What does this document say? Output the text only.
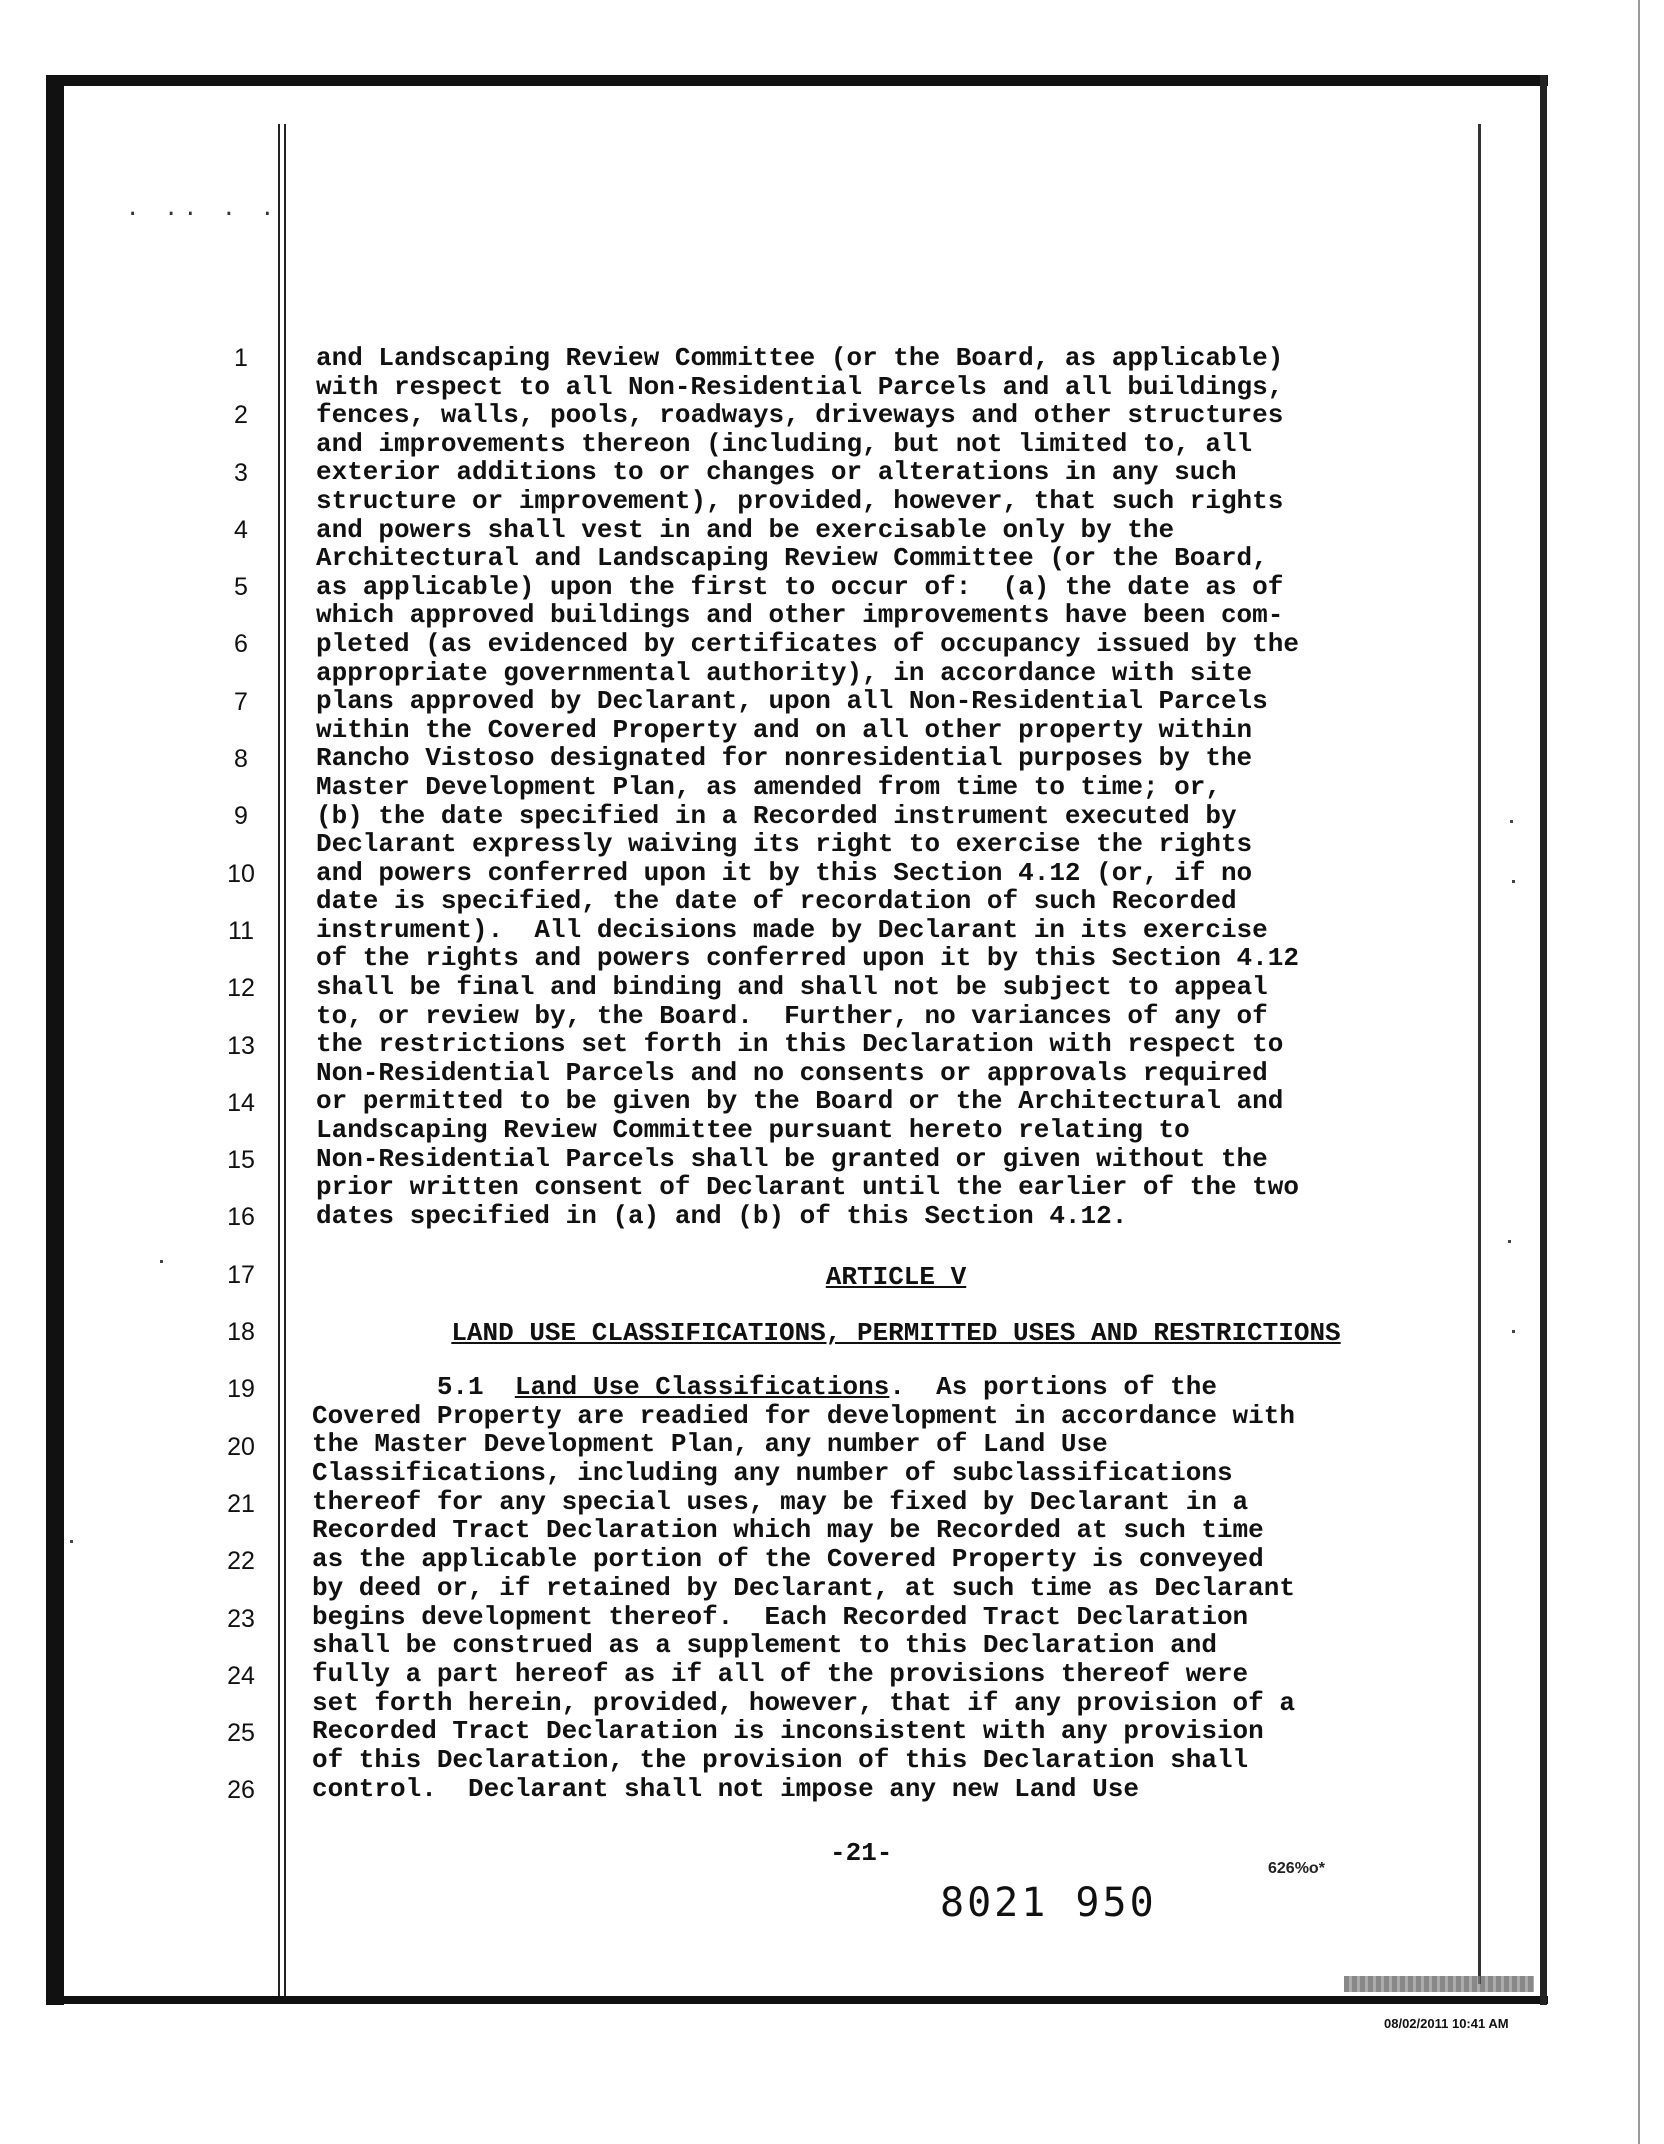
. .. . .
1
2
3
4
5
6
7
8
9
10
11
12
13
14
15
16
17
18
19
20
21
22
23
24
25
26
and Landscaping Review Committee (or the Board, as applicable)
with respect to all Non-Residential Parcels and all buildings,
fences, walls, pools, roadways, driveways and other structures
and improvements thereon (including, but not limited to, all
exterior additions to or changes or alterations in any such
structure or improvement), provided, however, that such rights
and powers shall vest in and be exercisable only by the
Architectural and Landscaping Review Committee (or the Board,
as applicable) upon the first to occur of:  (a) the date as of
which approved buildings and other improvements have been com-
pleted (as evidenced by certificates of occupancy issued by the
appropriate governmental authority), in accordance with site
plans approved by Declarant, upon all Non-Residential Parcels
within the Covered Property and on all other property within
Rancho Vistoso designated for nonresidential purposes by the
Master Development Plan, as amended from time to time; or,
(b) the date specified in a Recorded instrument executed by
Declarant expressly waiving its right to exercise the rights
and powers conferred upon it by this Section 4.12 (or, if no
date is specified, the date of recordation of such Recorded
instrument).  All decisions made by Declarant in its exercise
of the rights and powers conferred upon it by this Section 4.12
shall be final and binding and shall not be subject to appeal
to, or review by, the Board.  Further, no variances of any of
the restrictions set forth in this Declaration with respect to
Non-Residential Parcels and no consents or approvals required
or permitted to be given by the Board or the Architectural and
Landscaping Review Committee pursuant hereto relating to
Non-Residential Parcels shall be granted or given without the
prior written consent of Declarant until the earlier of the two
dates specified in (a) and (b) of this Section 4.12.
ARTICLE V
LAND USE CLASSIFICATIONS, PERMITTED USES AND RESTRICTIONS
5.1 Land Use Classifications.  As portions of the
Covered Property are readied for development in accordance with
the Master Development Plan, any number of Land Use
Classifications, including any number of subclassifications
thereof for any special uses, may be fixed by Declarant in a
Recorded Tract Declaration which may be Recorded at such time
as the applicable portion of the Covered Property is conveyed
by deed or, if retained by Declarant, at such time as Declarant
begins development thereof.  Each Recorded Tract Declaration
shall be construed as a supplement to this Declaration and
fully a part hereof as if all of the provisions thereof were
set forth herein, provided, however, that if any provision of a
Recorded Tract Declaration is inconsistent with any provision
of this Declaration, the provision of this Declaration shall
control.  Declarant shall not impose any new Land Use
-21-
8021 950
626%o*
08/02/2011 10:41 AM
